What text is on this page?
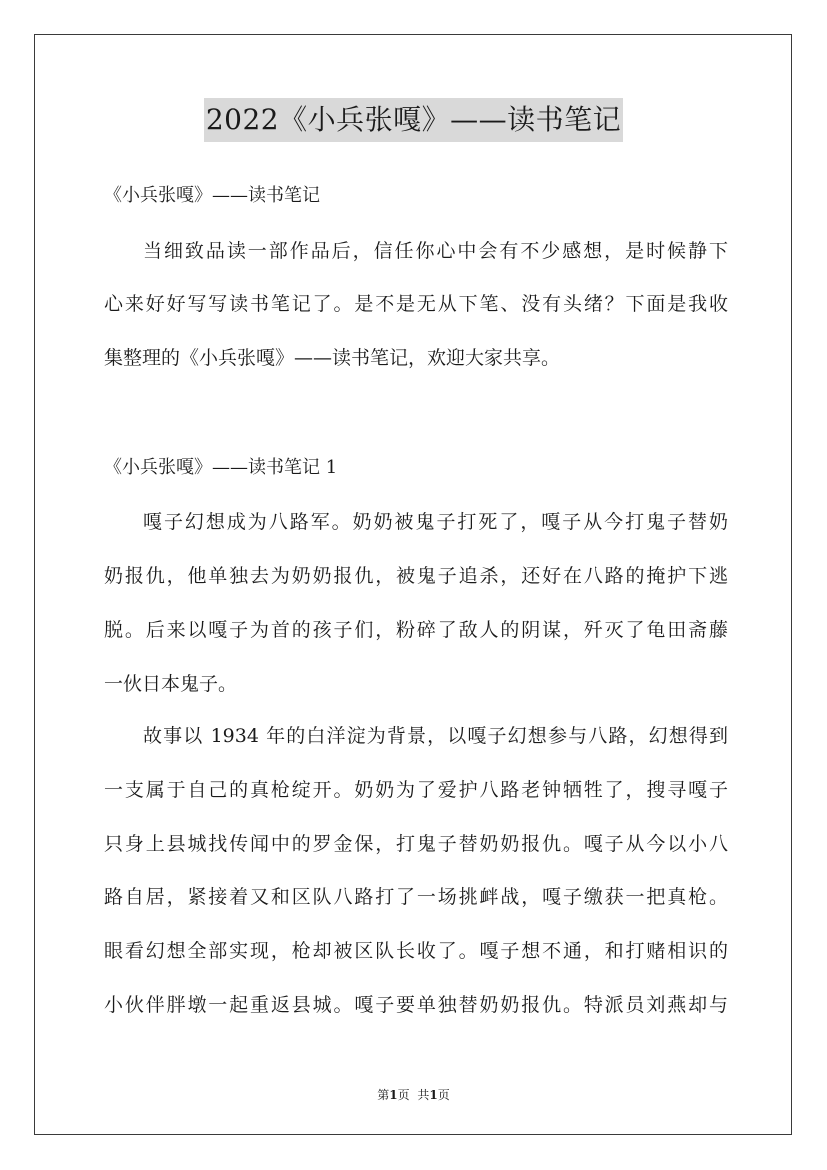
2022《小兵张嘎》——读书笔记
《小兵张嘎》——读书笔记
当细致品读一部作品后，信任你心中会有不少感想，是时候静下
心来好好写写读书笔记了。是不是无从下笔、没有头绪？下面是我收
集整理的《小兵张嘎》——读书笔记，欢迎大家共享。
《小兵张嘎》——读书笔记 1
嘎子幻想成为八路军。奶奶被鬼子打死了，嘎子从今打鬼子替奶
奶报仇，他单独去为奶奶报仇，被鬼子追杀，还好在八路的掩护下逃
脱。后来以嘎子为首的孩子们，粉碎了敌人的阴谋，歼灭了龟田斋藤
一伙日本鬼子。
故事以 1934 年的白洋淀为背景，以嘎子幻想参与八路，幻想得到
一支属于自己的真枪绽开。奶奶为了爱护八路老钟牺牲了，搜寻嘎子
只身上县城找传闻中的罗金保，打鬼子替奶奶报仇。嘎子从今以小八
路自居，紧接着又和区队八路打了一场挑衅战，嘎子缴获一把真枪。
眼看幻想全部实现，枪却被区队长收了。嘎子想不通，和打赌相识的
小伙伴胖墩一起重返县城。嘎子要单独替奶奶报仇。特派员刘燕却与
第1页 共1页
